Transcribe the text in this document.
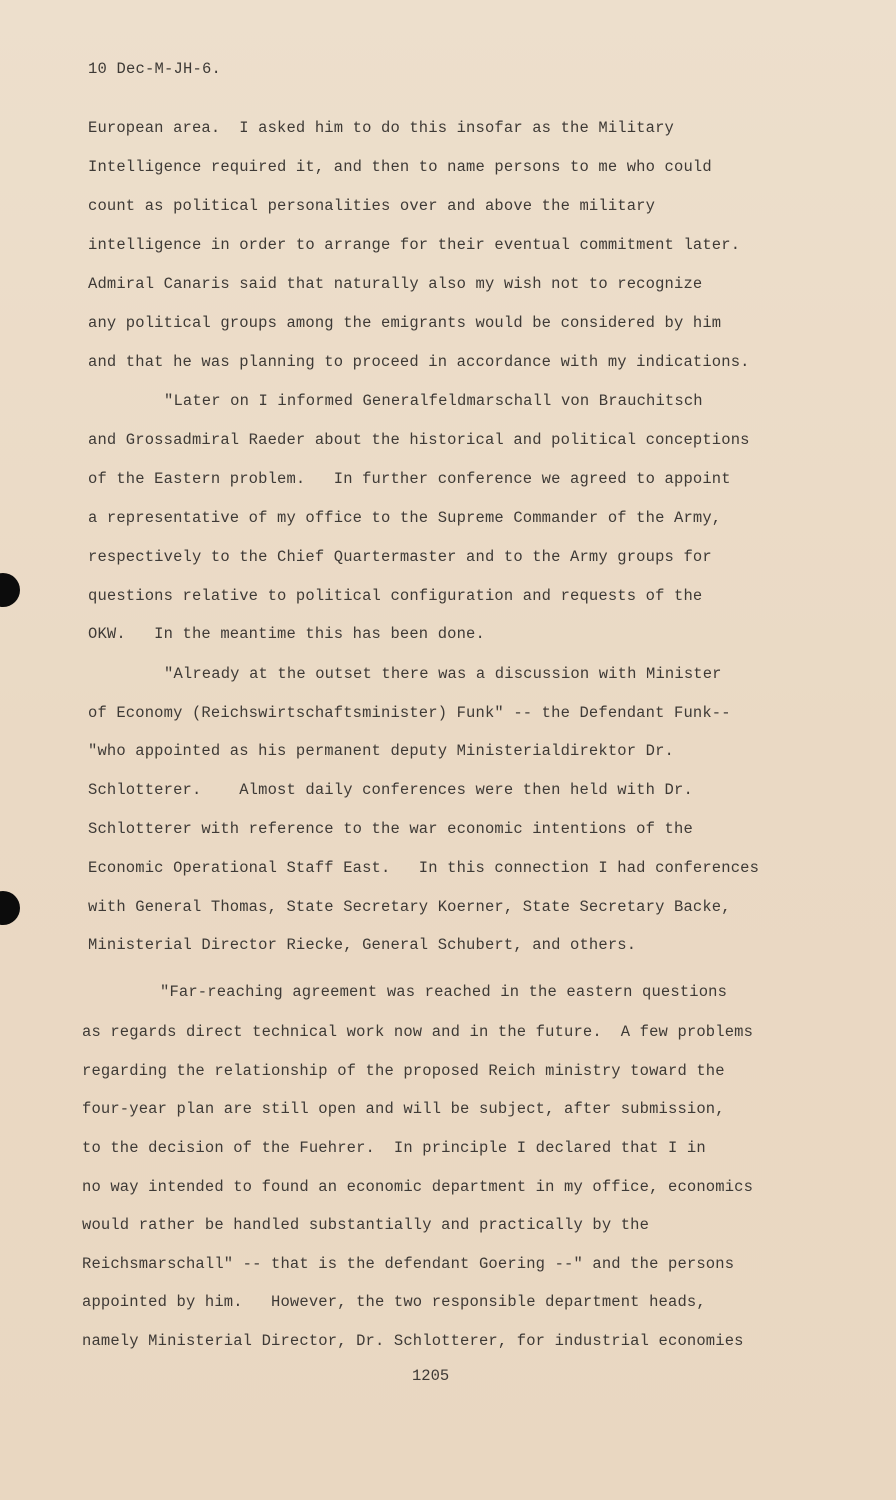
10 Dec-M-JH-6.
European area.  I asked him to do this insofar as the Military
Intelligence required it, and then to name persons to me who could
count as political personalities over and above the military
intelligence in order to arrange for their eventual commitment later.
Admiral Canaris said that naturally also my wish not to recognize
any political groups among the emigrants would be considered by him
and that he was planning to proceed in accordance with my indications.
"Later on I informed Generalfeldmarschall von Brauchitsch
and Grossadmiral Raeder about the historical and political conceptions
of the Eastern problem.   In further conference we agreed to appoint
a representative of my office to the Supreme Commander of the Army,
respectively to the Chief Quartermaster and to the Army groups for
questions relative to political configuration and requests of the
OKW.   In the meantime this has been done.
"Already at the outset there was a discussion with Minister
of Economy (Reichswirtschaftsminister) Funk" -- the Defendant Funk--
"who appointed as his permanent deputy Ministerialdirektor Dr.
Schlotterer.    Almost daily conferences were then held with Dr.
Schlotterer with reference to the war economic intentions of the
Economic Operational Staff East.   In this connection I had conferences
with General Thomas, State Secretary Koerner, State Secretary Backe,
Ministerial Director Riecke, General Schubert, and others.
"Far-reaching agreement was reached in the eastern questions
as regards direct technical work now and in the future.  A few problems
regarding the relationship of the proposed Reich ministry toward the
four-year plan are still open and will be subject, after submission,
to the decision of the Fuehrer.  In principle I declared that I in
no way intended to found an economic department in my office, economics
would rather be handled substantially and practically by the
Reichsmarschall" -- that is the defendant Goering --" and the persons
appointed by him.   However, the two responsible department heads,
namely Ministerial Director, Dr. Schlotterer, for industrial economies
1205
